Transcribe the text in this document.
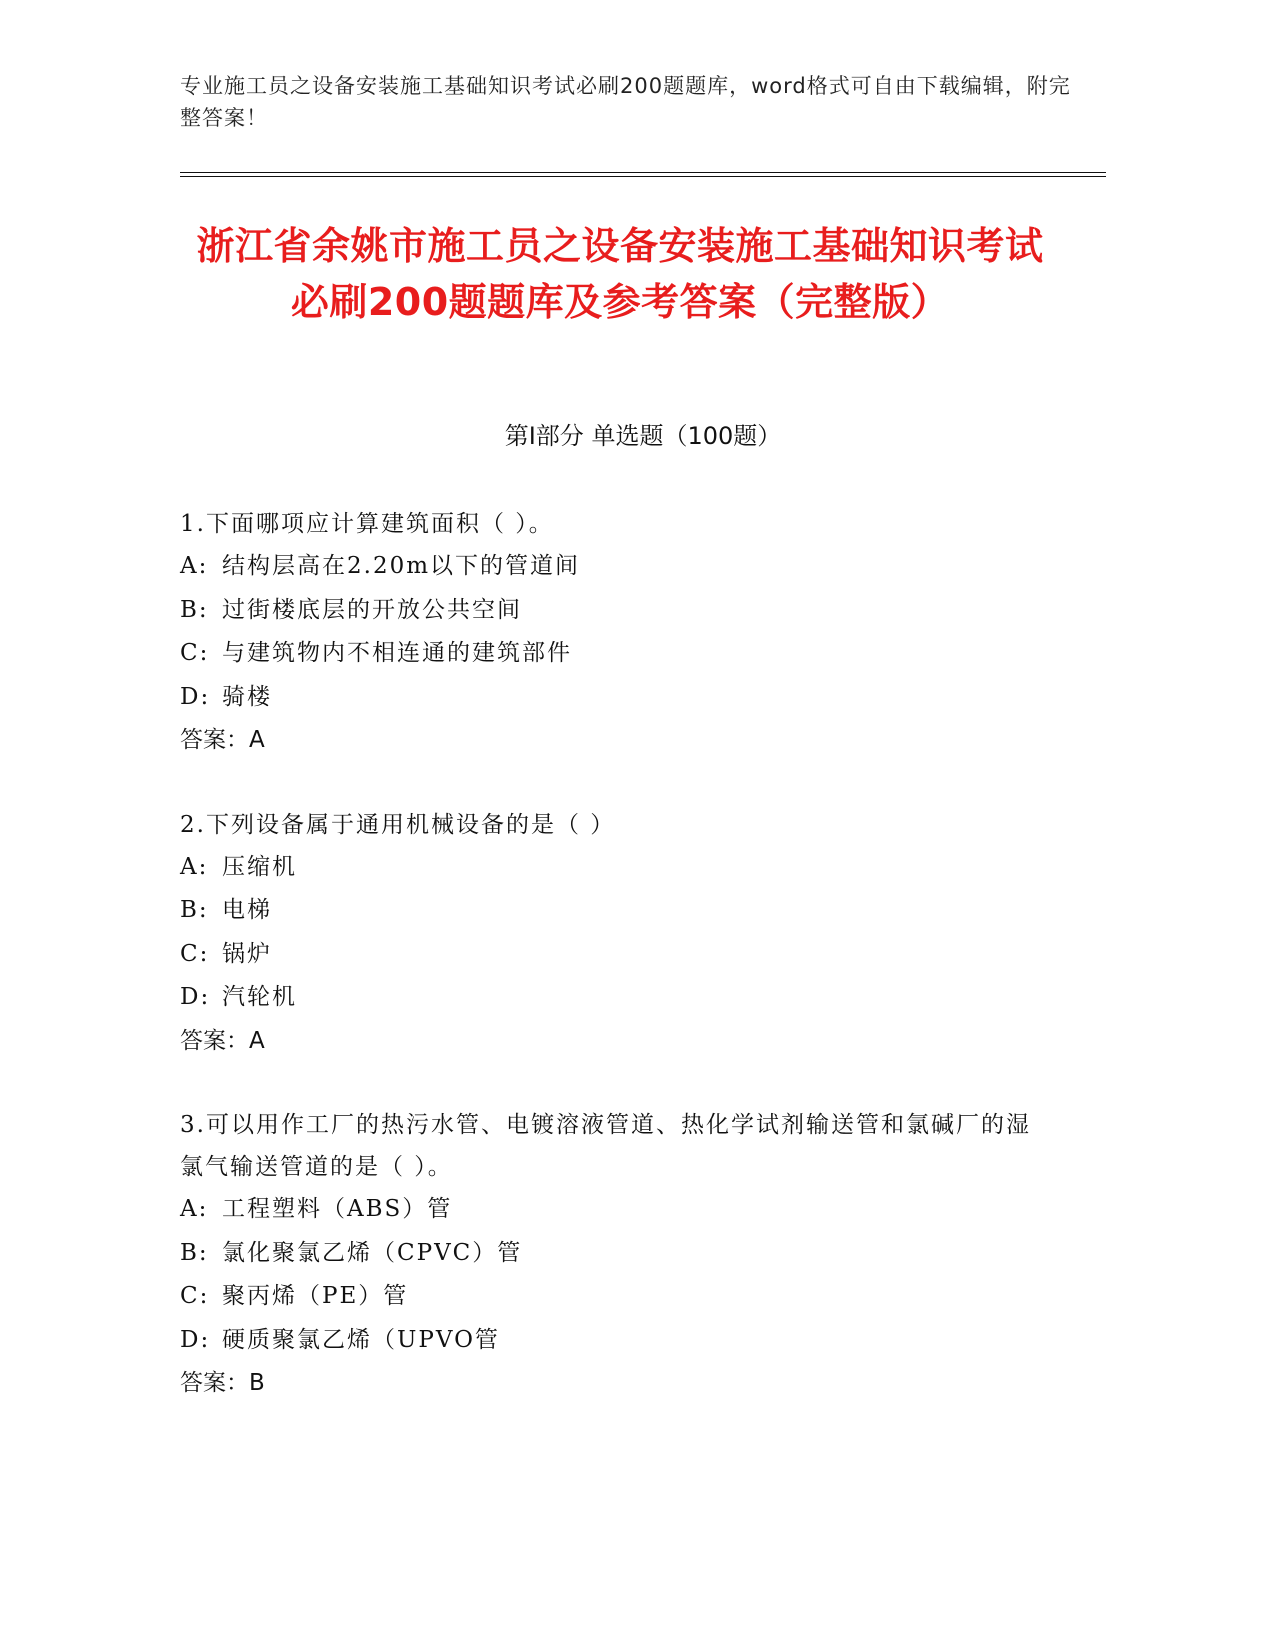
专业施工员之设备安装施工基础知识考试必刷200题题库，word格式可自由下载编辑，附完整答案！
浙江省余姚市施工员之设备安装施工基础知识考试必刷200题题库及参考答案（完整版）
第I部分 单选题（100题）

1.下面哪项应计算建筑面积（ ）。

A: 结构层高在2.20m以下的管道间

B: 过街楼底层的开放公共空间

C: 与建筑物内不相连通的建筑部件

D: 骑楼

答案：A

2.下列设备属于通用机械设备的是（ ）

A: 压缩机

B: 电梯

C: 锅炉

D: 汽轮机

答案：A

3.可以用作工厂的热污水管、电镀溶液管道、热化学试剂输送管和氯碱厂的湿氯气输送管道的是（ ）。

A: 工程塑料（ABS）管

B: 氯化聚氯乙烯（CPVC）管

C: 聚丙烯（PE）管

D: 硬质聚氯乙烯（UPVO管

答案：B
